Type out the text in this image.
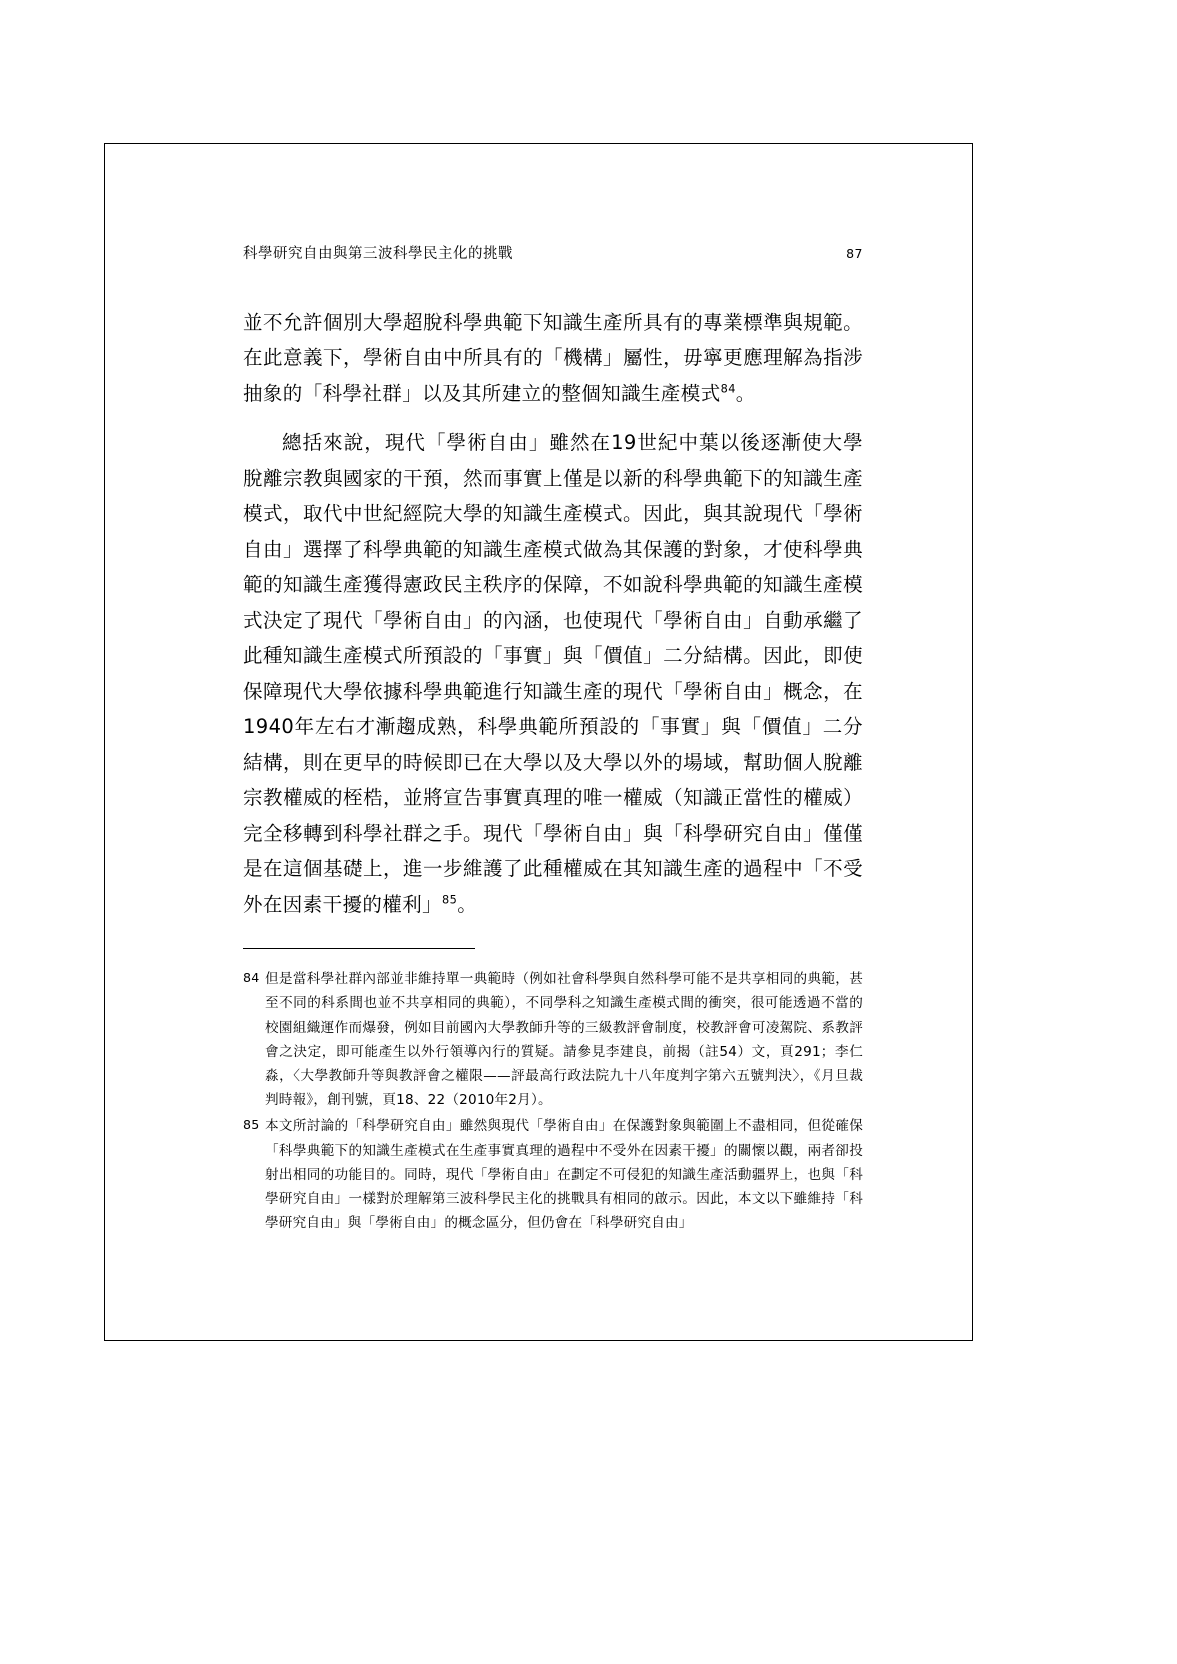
科學研究自由與第三波科學民主化的挑戰	87

並不允許個別大學超脫科學典範下知識生產所具有的專業標準與規範。在此意義下，學術自由中所具有的「機構」屬性，毋寧更應理解為指涉抽象的「科學社群」以及其所建立的整個知識生產模式$^{84}$。

總括來說，現代「學術自由」雖然在19世紀中葉以後逐漸使大學脫離宗教與國家的干預，然而事實上僅是以新的科學典範下的知識生產模式，取代中世紀經院大學的知識生產模式。因此，與其說現代「學術自由」選擇了科學典範的知識生產模式做為其保護的對象，才使科學典範的知識生產獲得憲政民主秩序的保障，不如說科學典範的知識生產模式決定了現代「學術自由」的內涵，也使現代「學術自由」自動承繼了此種知識生產模式所預設的「事實」與「價值」二分結構。因此，即使保障現代大學依據科學典範進行知識生產的現代「學術自由」概念，在1940年左右才漸趨成熟，科學典範所預設的「事實」與「價值」二分結構，則在更早的時候即已在大學以及大學以外的場域，幫助個人脫離宗教權威的桎梏，並將宣告事實真理的唯一權威（知識正當性的權威）完全移轉到科學社群之手。現代「學術自由」與「科學研究自由」僅僅是在這個基礎上，進一步維護了此種權威在其知識生產的過程中「不受外在因素干擾的權利」$^{85}$。

84 但是當科學社群內部並非維持單一典範時（例如社會科學與自然科學可能不是共享相同的典範，甚至不同的科系間也並不共享相同的典範），不同學科之知識生產模式間的衝突，很可能透過不當的校園組織運作而爆發，例如目前國內大學教師升等的三級教評會制度，校教評會可凌駕院、系教評會之決定，即可能產生以外行領導內行的質疑。請參見李建良，前揭（註54）文，頁291；李仁淼，〈大學教師升等與教評會之權限——評最高行政法院九十八年度判字第六五號判決〉，《月旦裁判時報》，創刊號，頁18、22（2010年2月）。
85 本文所討論的「科學研究自由」雖然與現代「學術自由」在保護對象與範圍上不盡相同，但從確保「科學典範下的知識生產模式在生產事實真理的過程中不受外在因素干擾」的關懷以觀，兩者卻投射出相同的功能目的。同時，現代「學術自由」在劃定不可侵犯的知識生產活動疆界上，也與「科學研究自由」一樣對於理解第三波科學民主化的挑戰具有相同的啟示。因此，本文以下雖維持「科學研究自由」與「學術自由」的概念區分，但仍會在「科學研究自由」
